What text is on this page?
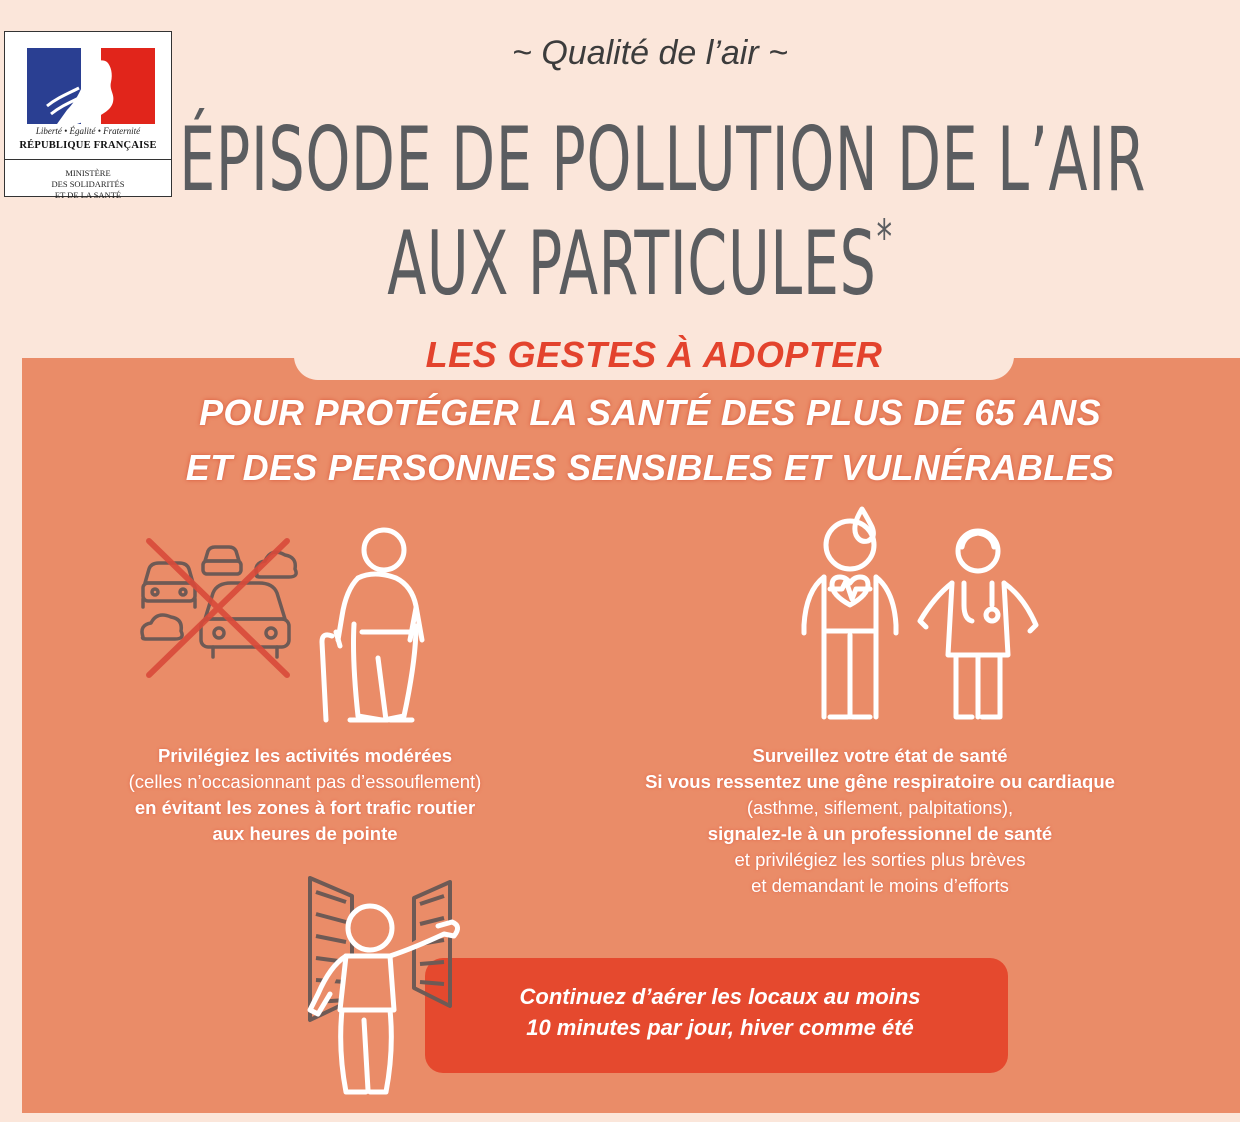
Liberté • Égalité • Fraternité
RÉPUBLIQUE FRANÇAISE
MINISTÈRE
DES SOLIDARITÉS
ET DE LA SANTÉ
~ Qualité de l’air ~
ÉPISODE DE POLLUTION DE L’AIR
AUX PARTICULES*
LES GESTES À ADOPTER
POUR PROTÉGER LA SANTÉ DES PLUS DE 65 ANS
ET DES PERSONNES SENSIBLES ET VULNÉRABLES
Privilégiez les activités modérées
(celles n’occasionnant pas d’essouflement)
en évitant les zones à fort trafic routier
aux heures de pointe
Surveillez votre état de santé
Si vous ressentez une gêne respiratoire ou cardiaque
(asthme, siflement, palpitations),
signalez-le à un professionnel de santé
et privilégiez les sorties plus brèves
et demandant le moins d’efforts
Continuez d’aérer les locaux au moins
10 minutes par jour, hiver comme été
